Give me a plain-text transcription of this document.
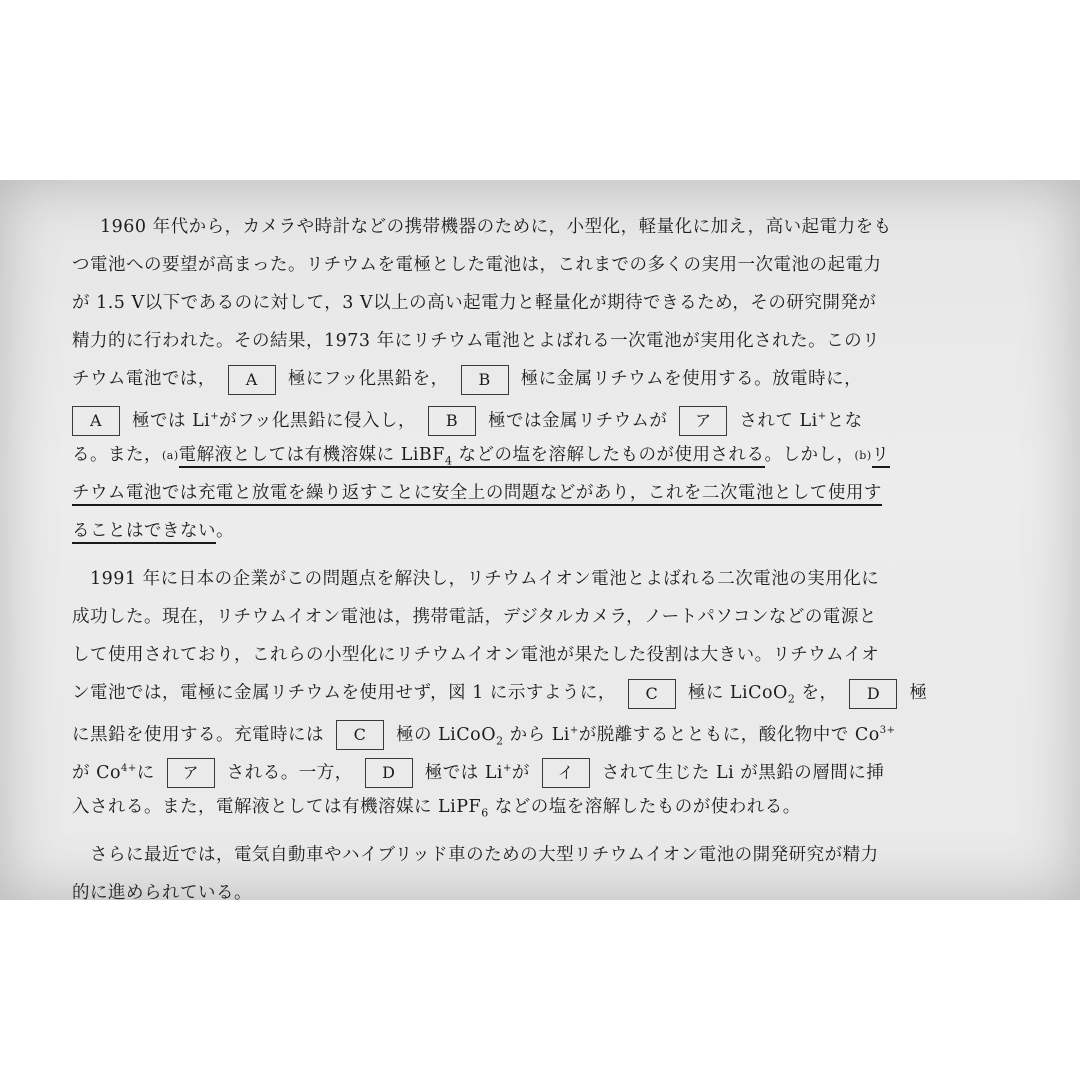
1960 年代から，カメラや時計などの携帯機器のために，小型化，軽量化に加え，高い起電力をも
つ電池への要望が高まった。リチウムを電極とした電池は，これまでの多くの実用一次電池の起電力
が 1.5 V以下であるのに対して，3 V以上の高い起電力と軽量化が期待できるため，その研究開発が
精力的に行われた。その結果，1973 年にリチウム電池とよばれる一次電池が実用化された。このリ
チウム電池では， A 極にフッ化黒鉛を， B 極に金属リチウムを使用する。放電時に，
A 極では Li+がフッ化黒鉛に侵入し， B 極では金属リチウムが ア されて Li+とな
る。また，(a)電解液としては有機溶媒に LiBF$_4$ などの塩を溶解したものが使用される。しかし，(b)リ
チウム電池では充電と放電を繰り返すことに安全上の問題などがあり，これを二次電池として使用す
ることはできない。
1991 年に日本の企業がこの問題点を解決し，リチウムイオン電池とよばれる二次電池の実用化に
成功した。現在，リチウムイオン電池は，携帯電話，デジタルカメラ，ノートパソコンなどの電源と
して使用されており，これらの小型化にリチウムイオン電池が果たした役割は大きい。リチウムイオ
ン電池では，電極に金属リチウムを使用せず，図 1 に示すように， C 極に LiCoO$_2$ を， D 極
に黒鉛を使用する。充電時には C 極の LiCoO$_2$ から Li+が脱離するとともに，酸化物中で $Co^{3+}$
が $Co^{4+}$に ア される。一方， D 極では Li+が イ されて生じた Li が黒鉛の層間に挿
入される。また，電解液としては有機溶媒に LiPF$_6$ などの塩を溶解したものが使われる。
さらに最近では，電気自動車やハイブリッド車のための大型リチウムイオン電池の開発研究が精力
的に進められている。
